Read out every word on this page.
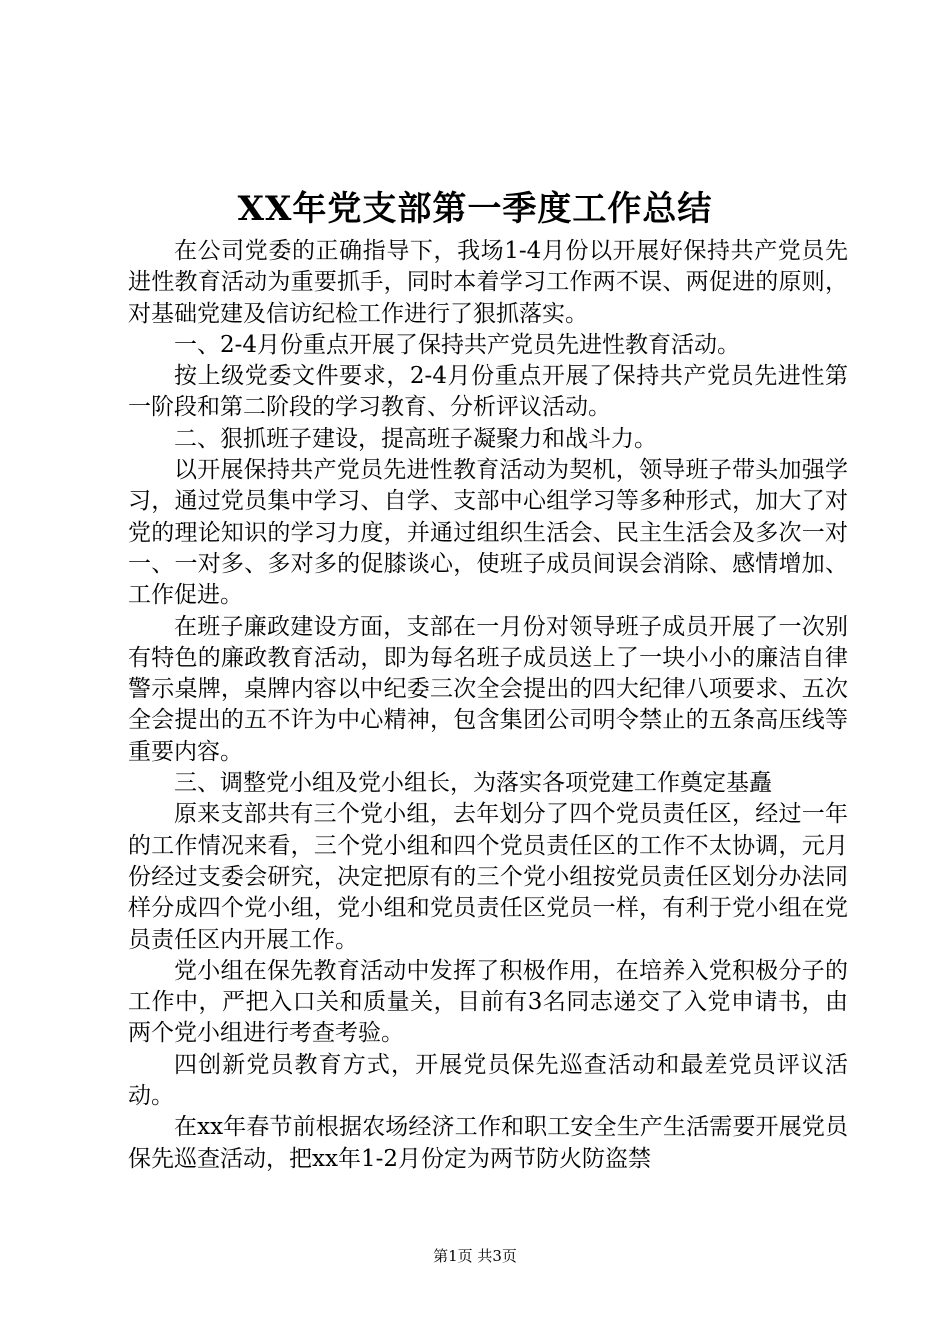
XX年党支部第一季度工作总结

在公司党委的正确指导下，我场1-4月份以开展好保持共产党员先进性教育活动为重要抓手，同时本着学习工作两不误、两促进的原则，对基础党建及信访纪检工作进行了狠抓落实。

一、2-4月份重点开展了保持共产党员先进性教育活动。

按上级党委文件要求，2-4月份重点开展了保持共产党员先进性第一阶段和第二阶段的学习教育、分析评议活动。

二、狠抓班子建设，提高班子凝聚力和战斗力。

以开展保持共产党员先进性教育活动为契机，领导班子带头加强学习，通过党员集中学习、自学、支部中心组学习等多种形式，加大了对党的理论知识的学习力度，并通过组织生活会、民主生活会及多次一对一、一对多、多对多的促膝谈心，使班子成员间误会消除、感情增加、工作促进。

在班子廉政建设方面，支部在一月份对领导班子成员开展了一次别有特色的廉政教育活动，即为每名班子成员送上了一块小小的廉洁自律警示桌牌，桌牌内容以中纪委三次全会提出的四大纪律八项要求、五次全会提出的五不许为中心精神，包含集团公司明令禁止的五条高压线等重要内容。

三、调整党小组及党小组长，为落实各项党建工作奠定基矗

原来支部共有三个党小组，去年划分了四个党员责任区，经过一年的工作情况来看，三个党小组和四个党员责任区的工作不太协调，元月份经过支委会研究，决定把原有的三个党小组按党员责任区划分办法同样分成四个党小组，党小组和党员责任区党员一样，有利于党小组在党员责任区内开展工作。

党小组在保先教育活动中发挥了积极作用，在培养入党积极分子的工作中，严把入口关和质量关，目前有3名同志递交了入党申请书，由两个党小组进行考查考验。

四创新党员教育方式，开展党员保先巡查活动和最差党员评议活动。

在xx年春节前根据农场经济工作和职工安全生产生活需要开展党员保先巡查活动，把xx年1-2月份定为两节防火防盗禁

第1页 共3页
